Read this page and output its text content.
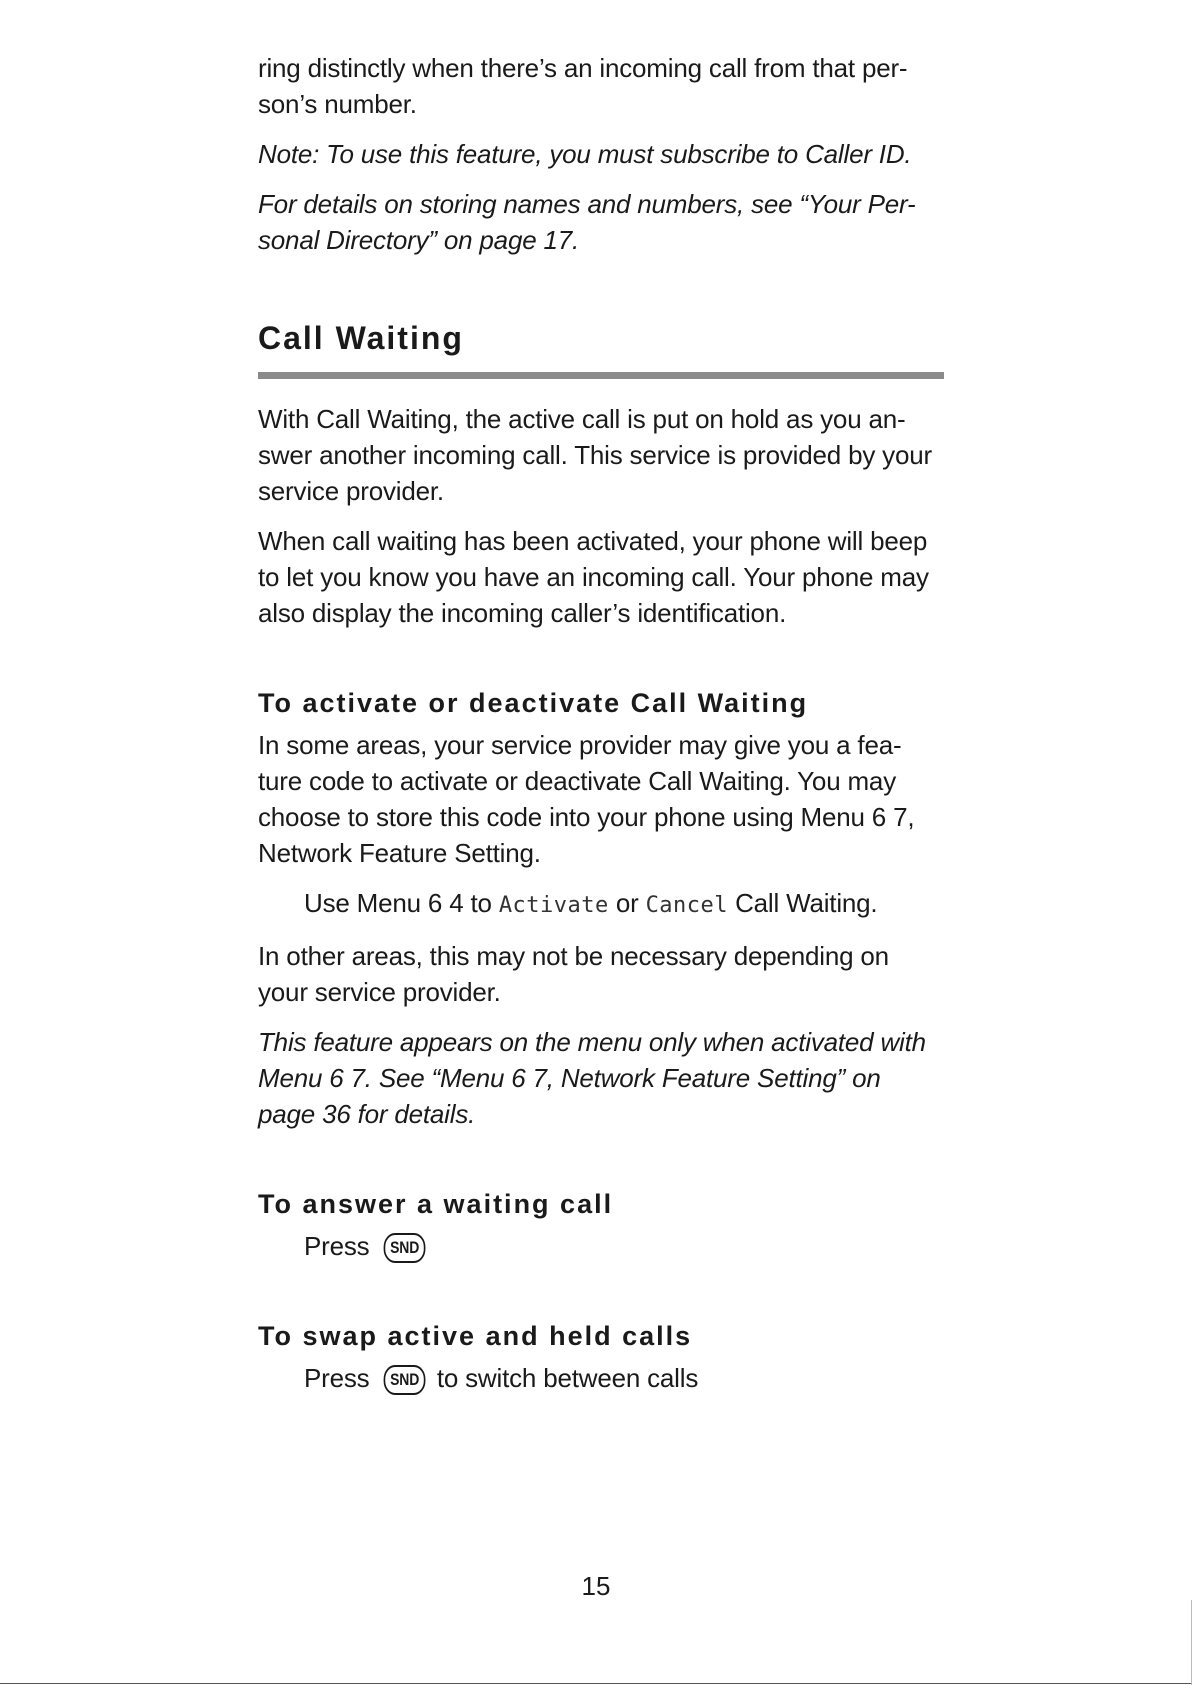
ring distinctly when there’s an incoming call from that per- son’s number.

Note: To use this feature, you must subscribe to Caller ID.

For details on storing names and numbers, see “Your Per- sonal Directory” on page 17.

Call Waiting

With Call Waiting, the active call is put on hold as you an- swer another incoming call. This service is provided by your service provider.

When call waiting has been activated, your phone will beep to let you know you have an incoming call. Your phone may also display the incoming caller’s identification.

To activate or deactivate Call Waiting

In some areas, your service provider may give you a fea- ture code to activate or deactivate Call Waiting. You may choose to store this code into your phone using Menu 6 7, Network Feature Setting.

Use Menu 6 4 to Activate or Cancel Call Waiting.

In other areas, this may not be necessary depending on your service provider.

This feature appears on the menu only when activated with Menu 6 7. See “Menu 6 7, Network Feature Setting” on page 36 for details.

To answer a waiting call

Press SND

To swap active and held calls

Press SND to switch between calls

15
